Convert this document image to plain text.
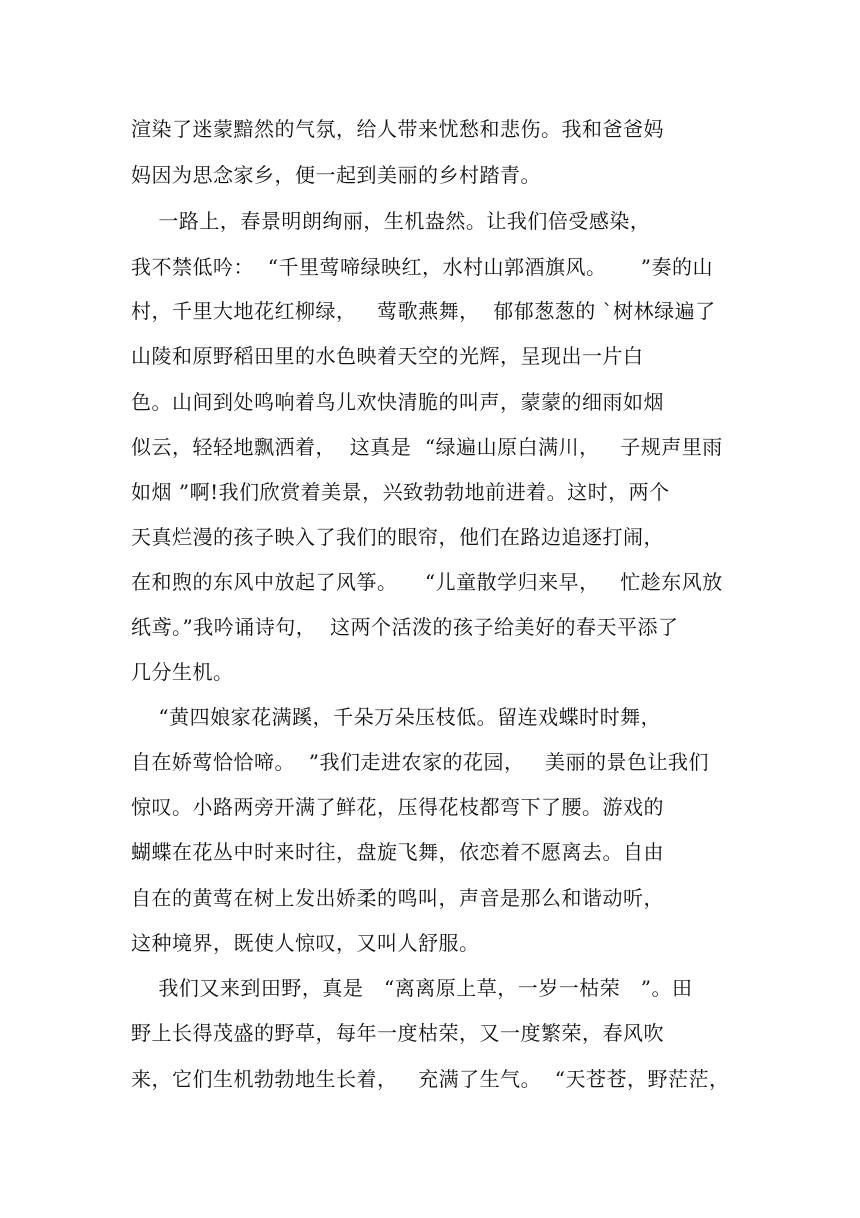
渲染了迷蒙黯然的气氛，给人带来忧愁和悲伤。我和爸爸妈
妈因为思念家乡，便一起到美丽的乡村踏青。
一路上，春景明朗绚丽，生机盎然。让我们倍受感染，
我不禁低吟：  “千里莺啼绿映红，水村山郭酒旗风。     ”奏的山
村，千里大地花红柳绿，   莺歌燕舞，  郁郁葱葱的 `树林绿遍了
山陵和原野稻田里的水色映着天空的光辉，呈现出一片白
色。山间到处鸣响着鸟儿欢快清脆的叫声，蒙蒙的细雨如烟
似云，轻轻地飘洒着，  这真是  “绿遍山原白满川，   子规声里雨
如烟 ”啊!我们欣赏着美景，兴致勃勃地前进着。这时，两个
天真烂漫的孩子映入了我们的眼帘，他们在路边追逐打闹，
在和煦的东风中放起了风筝。    “儿童散学归来早，   忙趁东风放
纸鸢。”我吟诵诗句，  这两个活泼的孩子给美好的春天平添了
几分生机。
“黄四娘家花满蹊，千朵万朵压枝低。留连戏蝶时时舞，
自在娇莺恰恰啼。  ”我们走进农家的花园，   美丽的景色让我们
惊叹。小路两旁开满了鲜花，压得花枝都弯下了腰。游戏的
蝴蝶在花丛中时来时往，盘旋飞舞，依恋着不愿离去。自由
自在的黄莺在树上发出娇柔的鸣叫，声音是那么和谐动听，
这种境界，既使人惊叹，又叫人舒服。
我们又来到田野，真是   “离离原上草，一岁一枯荣   ”。田
野上长得茂盛的野草，每年一度枯荣，又一度繁荣，春风吹
来，它们生机勃勃地生长着，   充满了生气。  “天苍苍，野茫茫，
